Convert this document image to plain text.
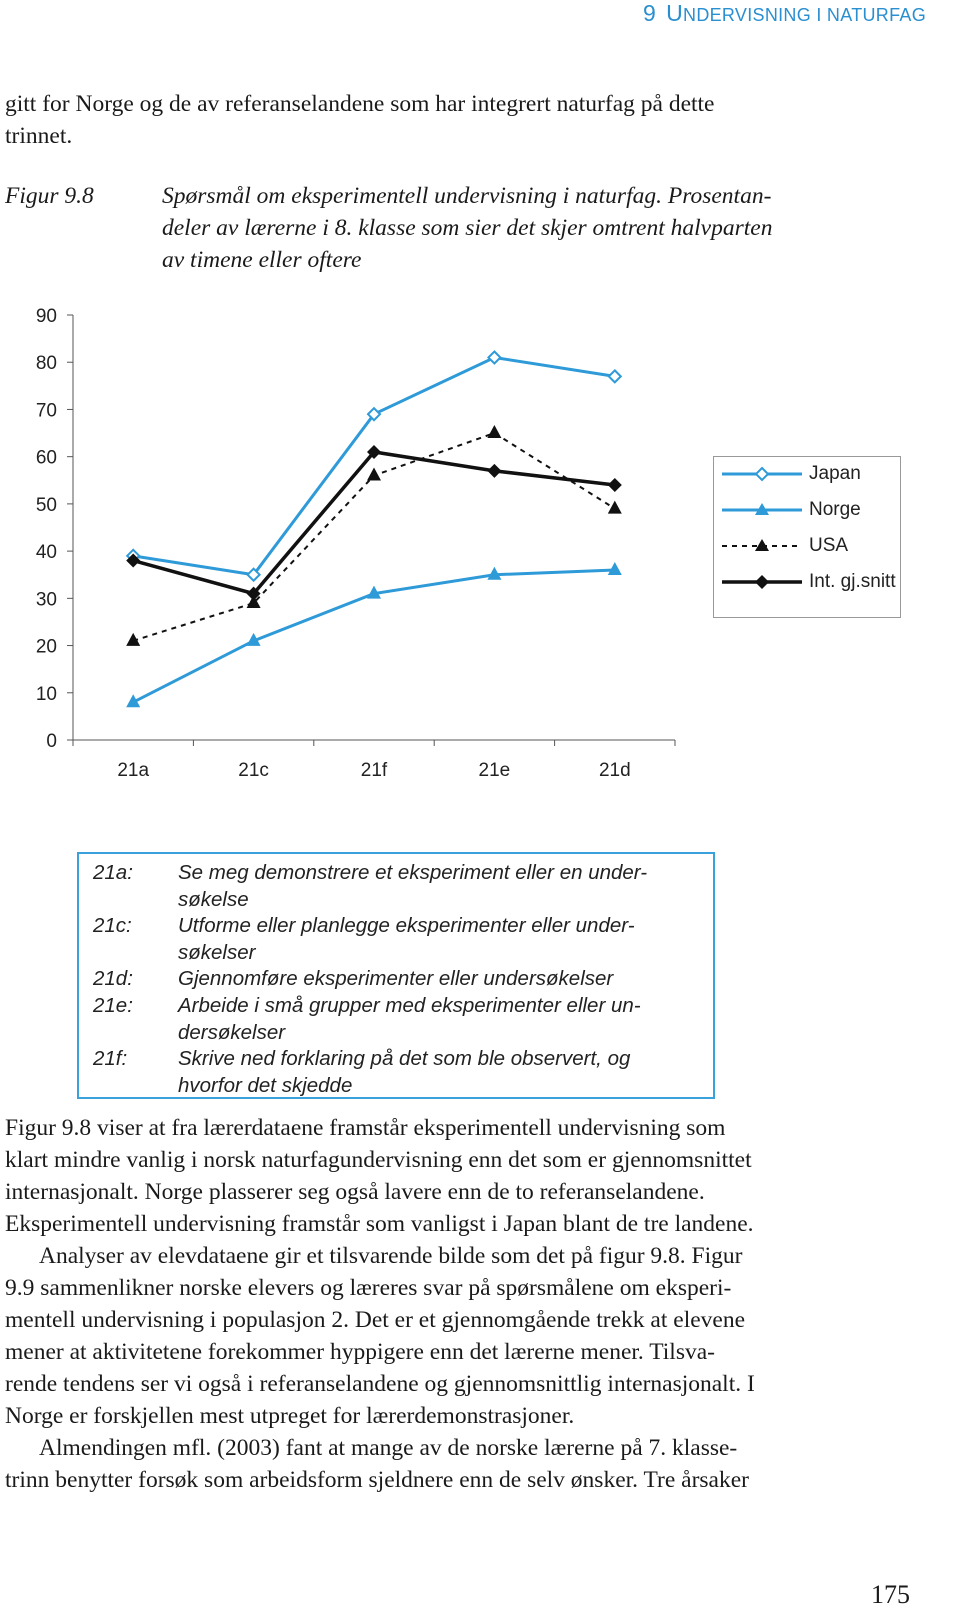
9 UNDERVISNING I NATURFAG
gitt for Norge og de av referanselandene som har integrert naturfag på dette
trinnet.
Figur 9.8	Spørsmål om eksperimentell undervisning i naturfag. Prosentan-
deler av lærerne i 8. klasse som sier det skjer omtrent halvparten
av timene eller oftere
0
10
20
30
40
50
60
70
80
90
21a	21c	21f	21e	21d
Japan
Norge
USA
Int. gj.snitt
21a: Se meg demonstrere et eksperiment eller en under-
søkelse
21c: Utforme eller planlegge eksperimenter eller under-
søkelser
21d: Gjennomføre eksperimenter eller undersøkelser
21e: Arbeide i små grupper med eksperimenter eller un-
dersøkelser
21f: Skrive ned forklaring på det som ble observert, og
hvorfor det skjedde
Figur 9.8 viser at fra lærerdataene framstår eksperimentell undervisning som
klart mindre vanlig i norsk naturfagundervisning enn det som er gjennomsnittet
internasjonalt. Norge plasserer seg også lavere enn de to referanselandene.
Eksperimentell undervisning framstår som vanligst i Japan blant de tre landene.
Analyser av elevdataene gir et tilsvarende bilde som det på figur 9.8. Figur
9.9 sammenlikner norske elevers og læreres svar på spørsmålene om eksperi-
mentell undervisning i populasjon 2. Det er et gjennomgående trekk at elevene
mener at aktivitetene forekommer hyppigere enn det lærerne mener. Tilsva-
rende tendens ser vi også i referanselandene og gjennomsnittlig internasjonalt. I
Norge er forskjellen mest utpreget for lærerdemonstrasjoner.
Almendingen mfl. (2003) fant at mange av de norske lærerne på 7. klasse-
trinn benytter forsøk som arbeidsform sjeldnere enn de selv ønsker. Tre årsaker
175
